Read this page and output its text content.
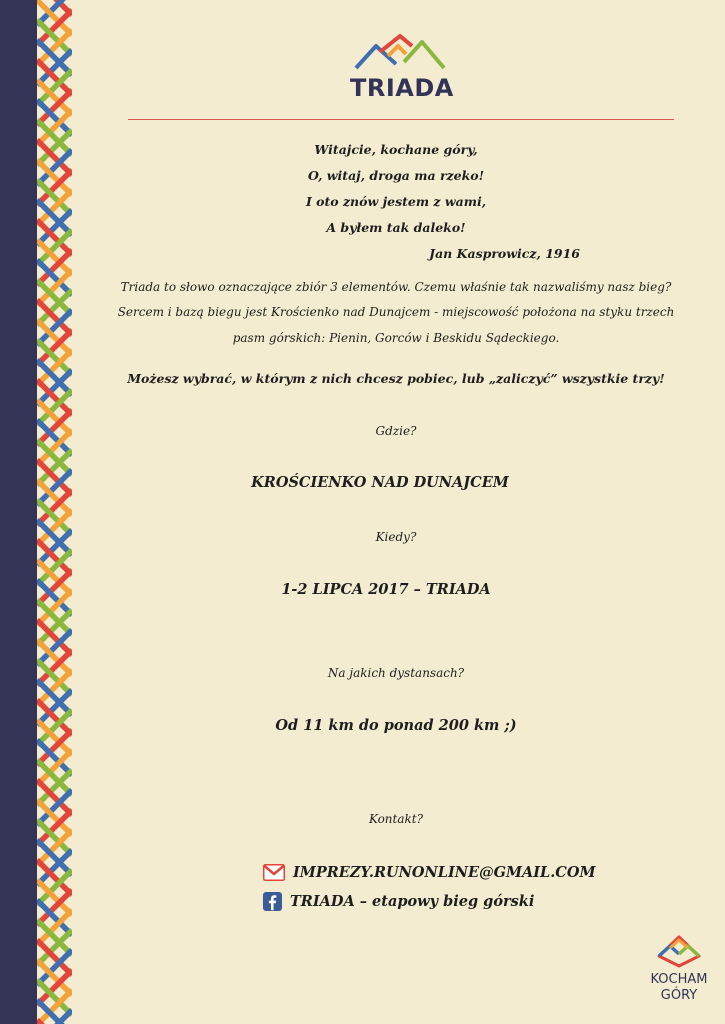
TRIADA
Witajcie, kochane góry,
O, witaj, droga ma rzeko!
I oto znów jestem z wami,
A byłem tak daleko!
Jan Kasprowicz, 1916
Triada to słowo oznaczające zbiór 3 elementów. Czemu właśnie tak nazwaliśmy nasz bieg?
Sercem i bazą biegu jest Krościenko nad Dunajcem - miejscowość położona na styku trzech
pasm górskich: Pienin, Gorców i Beskidu Sądeckiego.
Możesz wybrać, w którym z nich chcesz pobiec, lub „zaliczyć” wszystkie trzy!
Gdzie?
KROŚCIENKO NAD DUNAJCEM
Kiedy?
1-2 LIPCA 2017 – TRIADA
Na jakich dystansach?
Od 11 km do ponad 200 km ;)
Kontakt?
IMPREZY.RUNONLINE@GMAIL.COM
TRIADA – etapowy bieg górski
KOCHAM
GÓRY
